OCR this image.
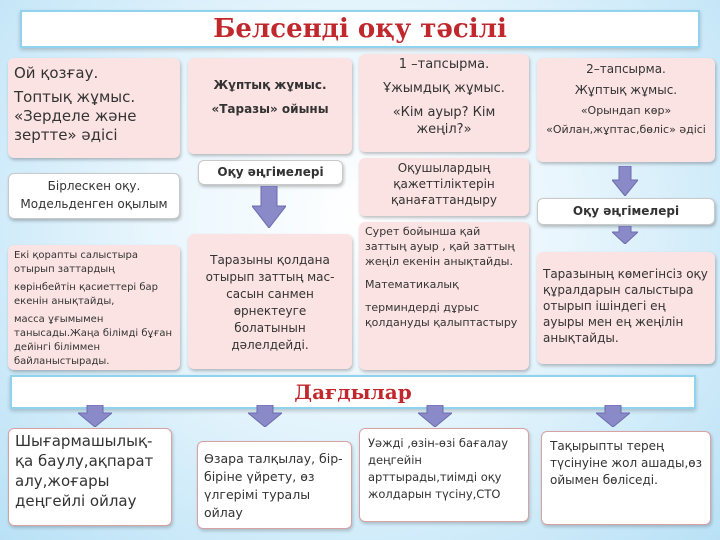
Белсенді оқу тәсілі

Ой қозғау.

Топтық жұмыс.

«Зерделе және зертте» әдісі

Бірлескен оқу.

Модельденген оқылым

Екі қорапты салыстыра отырып заттардың

көрінбейтін қасиеттері бар екенін анықтайды,

масса ұғымымен танысады.Жаңа білімді бұған дейінгі біліммен байланыстырады.

Жұптық жұмыс.

«Таразы» ойыны

Оқу әңгімелері

Таразыны қолдана отырып заттың мас-сасын санмен өрнектеуге болатынын дәлелдейді.

1 –тапсырма.

Ұжымдық жұмыс.

«Кім ауыр? Кім жеңіл?»

Оқушылардың қажеттіліктерін қанағаттандыру

Сурет бойынша қай заттың ауыр , қай заттың жеңіл екенін анықтайды.

Математикалық

терминдерді дұрыс қолдануды қалыптастыру

2–тапсырма.

Жұптық жұмыс.

«Орындап көр»

«Ойлан,жұптас,бөліс» әдісі

Оқу әңгімелері

Таразының көмегінсіз оқу құралдарын салыстыра отырып ішіндегі ең ауыры мен ең жеңілін анықтайды.

Дағдылар

Шығармашылық-қа баулу,ақпарат алу,жоғары деңгейлі ойлау

Өзара талқылау, бір-біріне үйрету, өз үлгерімі туралы ойлау

Уәжді ,өзін-өзі бағалау деңгейін арттырады,тиімді оқу жолдарын түсіну,СТО

Тақырыпты терең түсінуіне жол ашады,өз ойымен бөліседі.
